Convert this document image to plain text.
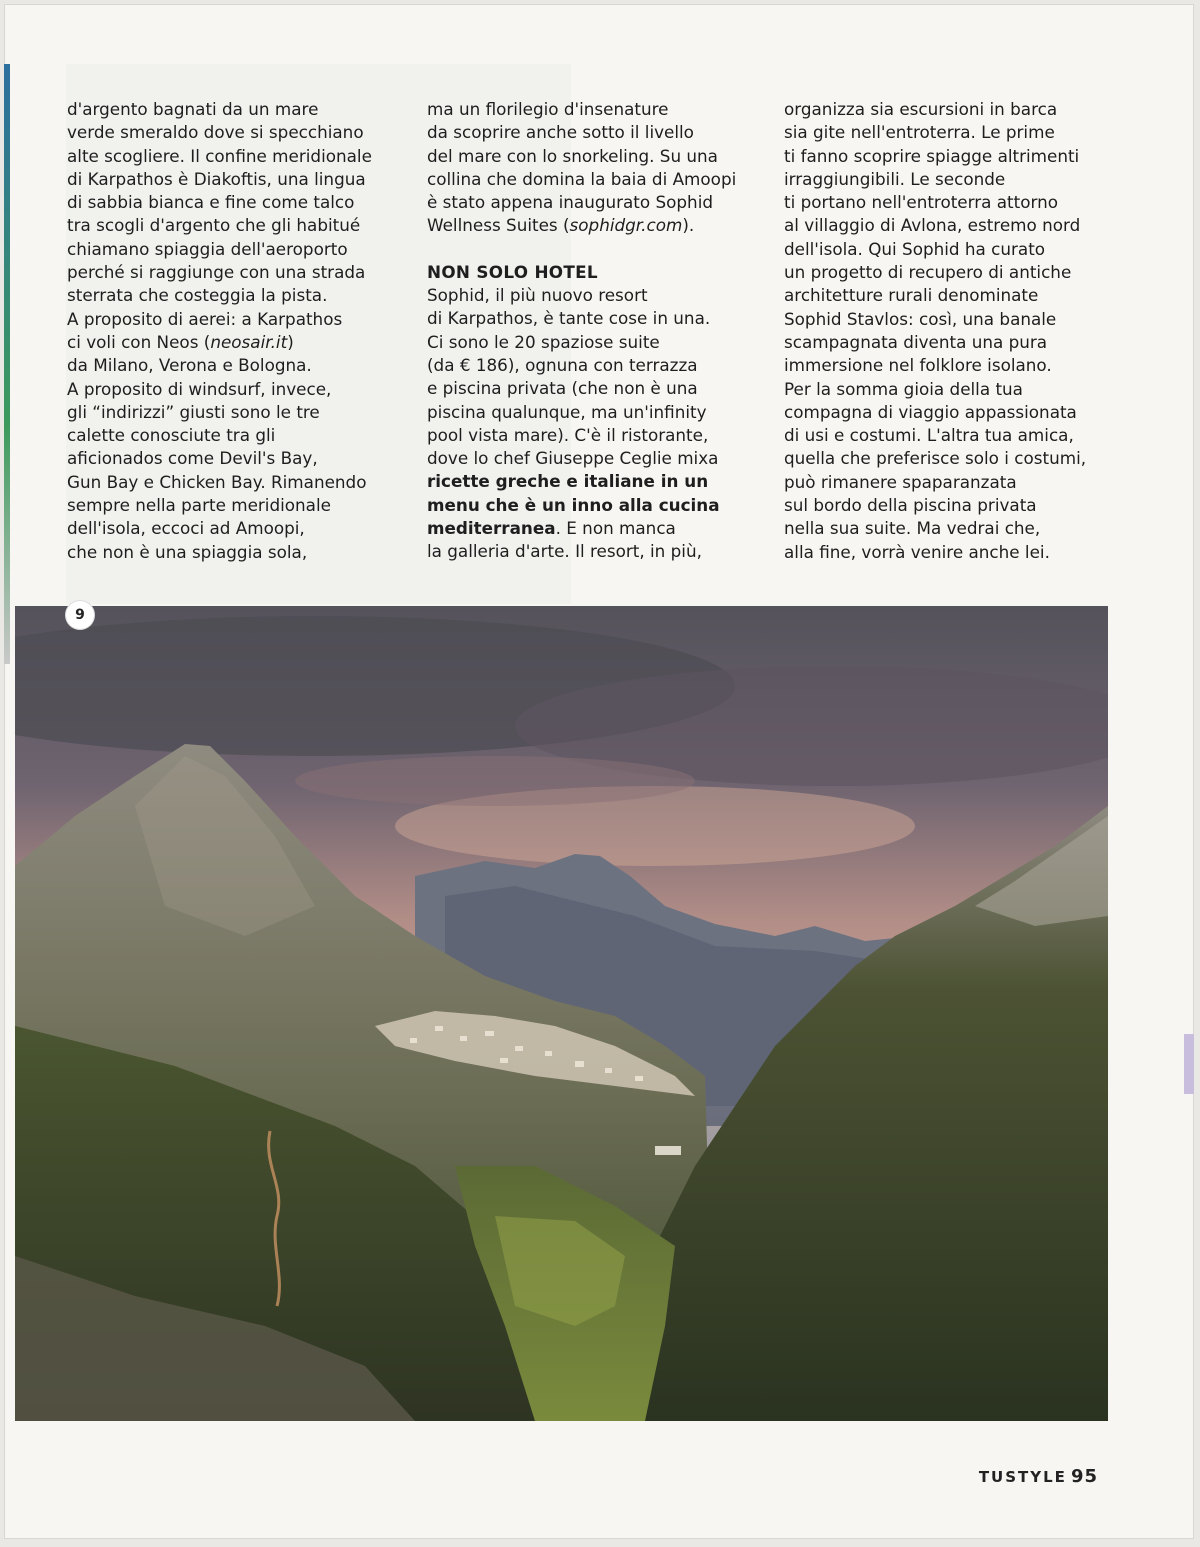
d'argento bagnati da un mare
verde smeraldo dove si specchiano
alte scogliere. Il confine meridionale
di Karpathos è Diakoftis, una lingua
di sabbia bianca e fine come talco
tra scogli d'argento che gli habitué
chiamano spiaggia dell'aeroporto
perché si raggiunge con una strada
sterrata che costeggia la pista.
A proposito di aerei: a Karpathos
ci voli con Neos (neosair.it)
da Milano, Verona e Bologna.
A proposito di windsurf, invece,
gli “indirizzi” giusti sono le tre
calette conosciute tra gli
aficionados come Devil's Bay,
Gun Bay e Chicken Bay. Rimanendo
sempre nella parte meridionale
dell'isola, eccoci ad Amoopi,
che non è una spiaggia sola,

ma un florilegio d'insenature
da scoprire anche sotto il livello
del mare con lo snorkeling. Su una
collina che domina la baia di Amoopi
è stato appena inaugurato Sophid
Wellness Suites (sophidgr.com).

NON SOLO HOTEL

Sophid, il più nuovo resort
di Karpathos, è tante cose in una.
Ci sono le 20 spaziose suite
(da € 186), ognuna con terrazza
e piscina privata (che non è una
piscina qualunque, ma un'infinity
pool vista mare). C'è il ristorante,
dove lo chef Giuseppe Ceglie mixa
ricette greche e italiane in un
menu che è un inno alla cucina
mediterranea. E non manca
la galleria d'arte. Il resort, in più,

organizza sia escursioni in barca
sia gite nell'entroterra. Le prime
ti fanno scoprire spiagge altrimenti
irraggiungibili. Le seconde
ti portano nell'entroterra attorno
al villaggio di Avlona, estremo nord
dell'isola. Qui Sophid ha curato
un progetto di recupero di antiche
architetture rurali denominate
Sophid Stavlos: così, una banale
scampagnata diventa una pura
immersione nel folklore isolano.
Per la somma gioia della tua
compagna di viaggio appassionata
di usi e costumi. L'altra tua amica,
quella che preferisce solo i costumi,
può rimanere spaparanzata
sul bordo della piscina privata
nella sua suite. Ma vedrai che,
alla fine, vorrà venire anche lei.

9
TUSTYLE 95
